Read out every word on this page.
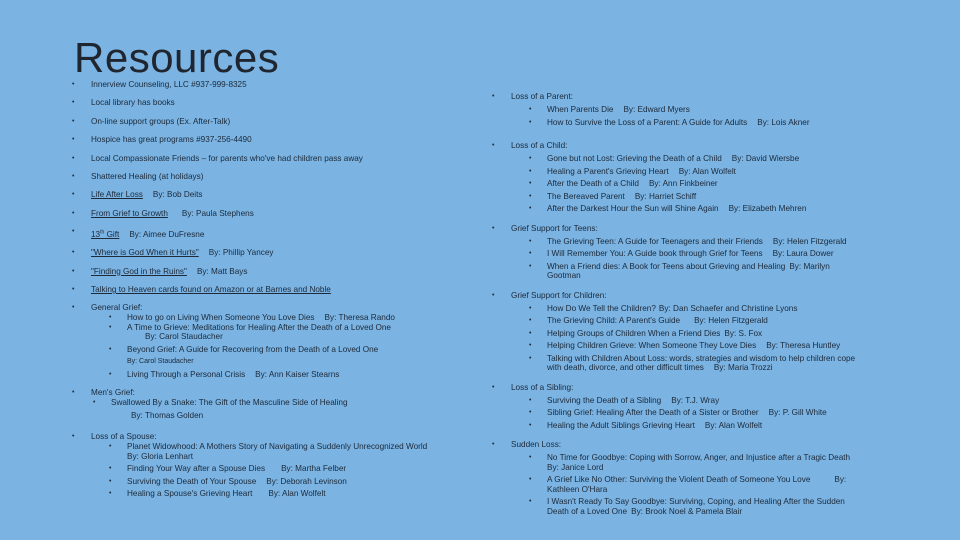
Resources
• Innerview Counseling, LLC #937-999-8325
• Local library has books
• On-line support groups (Ex. After-Talk)
• Hospice has great programs #937-256-4490
• Local Compassionate Friends – for parents who've had children pass away
• Shattered Healing (at holidays)
• Life After Loss By: Bob Deits
• From Grief to Growth By: Paula Stephens
• 13th Gift By: Aimee DuFresne
• "Where is God When it Hurts" By: Phillip Yancey
• "Finding God in the Ruins" By: Matt Bays
• Talking to Heaven cards found on Amazon or at Barnes and Noble
• General Grief:
• How to go on Living When Someone You Love Dies By: Theresa Rando
• A Time to Grieve: Meditations for Healing After the Death of a Loved One
By: Carol Staudacher
• Beyond Grief: A Guide for Recovering from the Death of a Loved One
By: Carol Staudacher
• Living Through a Personal Crisis By: Ann Kaiser Stearns
• Men's Grief:
• Swallowed By a Snake: The Gift of the Masculine Side of Healing
By: Thomas Golden
• Loss of a Spouse:
• Planet Widowhood: A Mothers Story of Navigating a Suddenly Unrecognized World
By: Gloria Lenhart
• Finding Your Way after a Spouse Dies By: Martha Felber
• Surviving the Death of Your Spouse By: Deborah Levinson
• Healing a Spouse's Grieving Heart By: Alan Wolfelt
• Loss of a Parent:
• When Parents Die By: Edward Myers
• How to Survive the Loss of a Parent: A Guide for Adults By: Lois Akner
• Loss of a Child:
• Gone but not Lost: Grieving the Death of a Child By: David Wiersbe
• Healing a Parent's Grieving Heart By: Alan Wolfelt
• After the Death of a Child By: Ann Finkbeiner
• The Bereaved Parent By: Harriet Schiff
• After the Darkest Hour the Sun will Shine Again By: Elizabeth Mehren
• Grief Support for Teens:
• The Grieving Teen: A Guide for Teenagers and their Friends By: Helen Fitzgerald
• I Will Remember You: A Guide book through Grief for Teens By: Laura Dower
• When a Friend dies: A Book for Teens about Grieving and Healing By: Marilyn
Gootman
• Grief Support for Children:
• How Do We Tell the Children? By: Dan Schaefer and Christine Lyons
• The Grieving Child: A Parent's Guide By: Helen Fitzgerald
• Helping Groups of Children When a Friend Dies By: S. Fox
• Helping Children Grieve: When Someone They Love Dies By: Theresa Huntley
• Talking with Children About Loss: words, strategies and wisdom to help children cope
with death, divorce, and other difficult times By: Maria Trozzi
• Loss of a Sibling:
• Surviving the Death of a Sibling By: T.J. Wray
• Sibling Grief: Healing After the Death of a Sister or Brother By: P. Gill White
• Healing the Adult Siblings Grieving Heart By: Alan Wolfelt
• Sudden Loss:
• No Time for Goodbye: Coping with Sorrow, Anger, and Injustice after a Tragic Death
By: Janice Lord
• A Grief Like No Other: Surviving the Violent Death of Someone You Love	By:
Kathleen O'Hara
• I Wasn't Ready To Say Goodbye: Surviving, Coping, and Healing After the Sudden
Death of a Loved One By: Brook Noel & Pamela Blair
